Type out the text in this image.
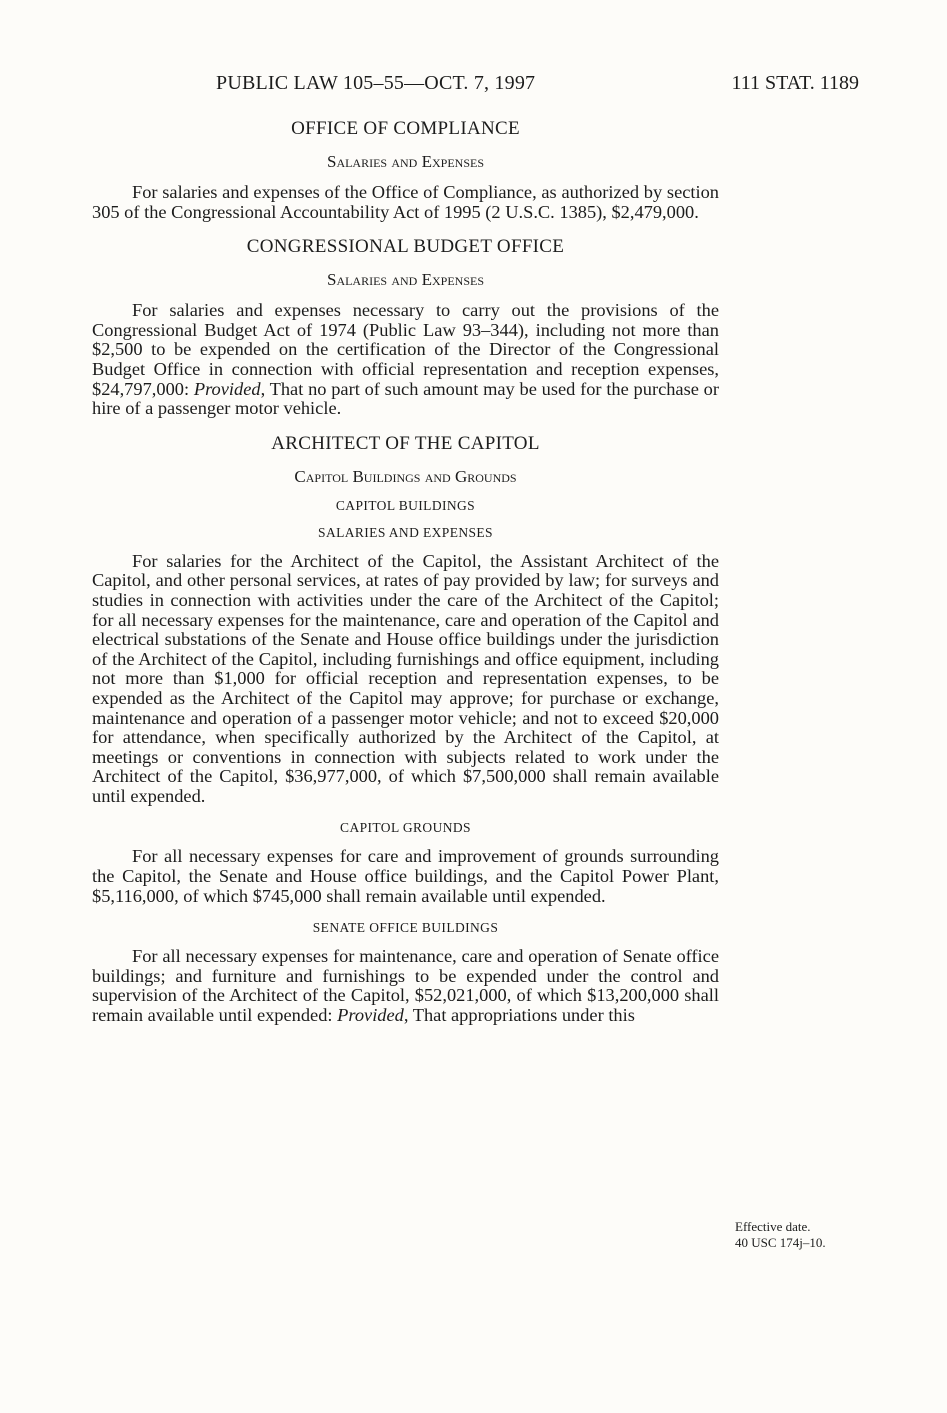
PUBLIC LAW 105–55—OCT. 7, 1997	111 STAT. 1189
OFFICE OF COMPLIANCE
Salaries and Expenses

For salaries and expenses of the Office of Compliance, as authorized by section 305 of the Congressional Accountability Act of 1995 (2 U.S.C. 1385), $2,479,000.

CONGRESSIONAL BUDGET OFFICE
Salaries and Expenses

For salaries and expenses necessary to carry out the provisions of the Congressional Budget Act of 1974 (Public Law 93–344), including not more than $2,500 to be expended on the certification of the Director of the Congressional Budget Office in connection with official representation and reception expenses, $24,797,000: Provided, That no part of such amount may be used for the purchase or hire of a passenger motor vehicle.

ARCHITECT OF THE CAPITOL
Capitol Buildings and Grounds
CAPITOL BUILDINGS
SALARIES AND EXPENSES

For salaries for the Architect of the Capitol, the Assistant Architect of the Capitol, and other personal services, at rates of pay provided by law; for surveys and studies in connection with activities under the care of the Architect of the Capitol; for all necessary expenses for the maintenance, care and operation of the Capitol and electrical substations of the Senate and House office buildings under the jurisdiction of the Architect of the Capitol, including furnishings and office equipment, including not more than $1,000 for official reception and representation expenses, to be expended as the Architect of the Capitol may approve; for purchase or exchange, maintenance and operation of a passenger motor vehicle; and not to exceed $20,000 for attendance, when specifically authorized by the Architect of the Capitol, at meetings or conventions in connection with subjects related to work under the Architect of the Capitol, $36,977,000, of which $7,500,000 shall remain available until expended.

CAPITOL GROUNDS

For all necessary expenses for care and improvement of grounds surrounding the Capitol, the Senate and House office buildings, and the Capitol Power Plant, $5,116,000, of which $745,000 shall remain available until expended.

SENATE OFFICE BUILDINGS

For all necessary expenses for maintenance, care and operation of Senate office buildings; and furniture and furnishings to be expended under the control and supervision of the Architect of the Capitol, $52,021,000, of which $13,200,000 shall remain available until expended: Provided, That appropriations under this

Effective date.
40 USC 174j–10.
